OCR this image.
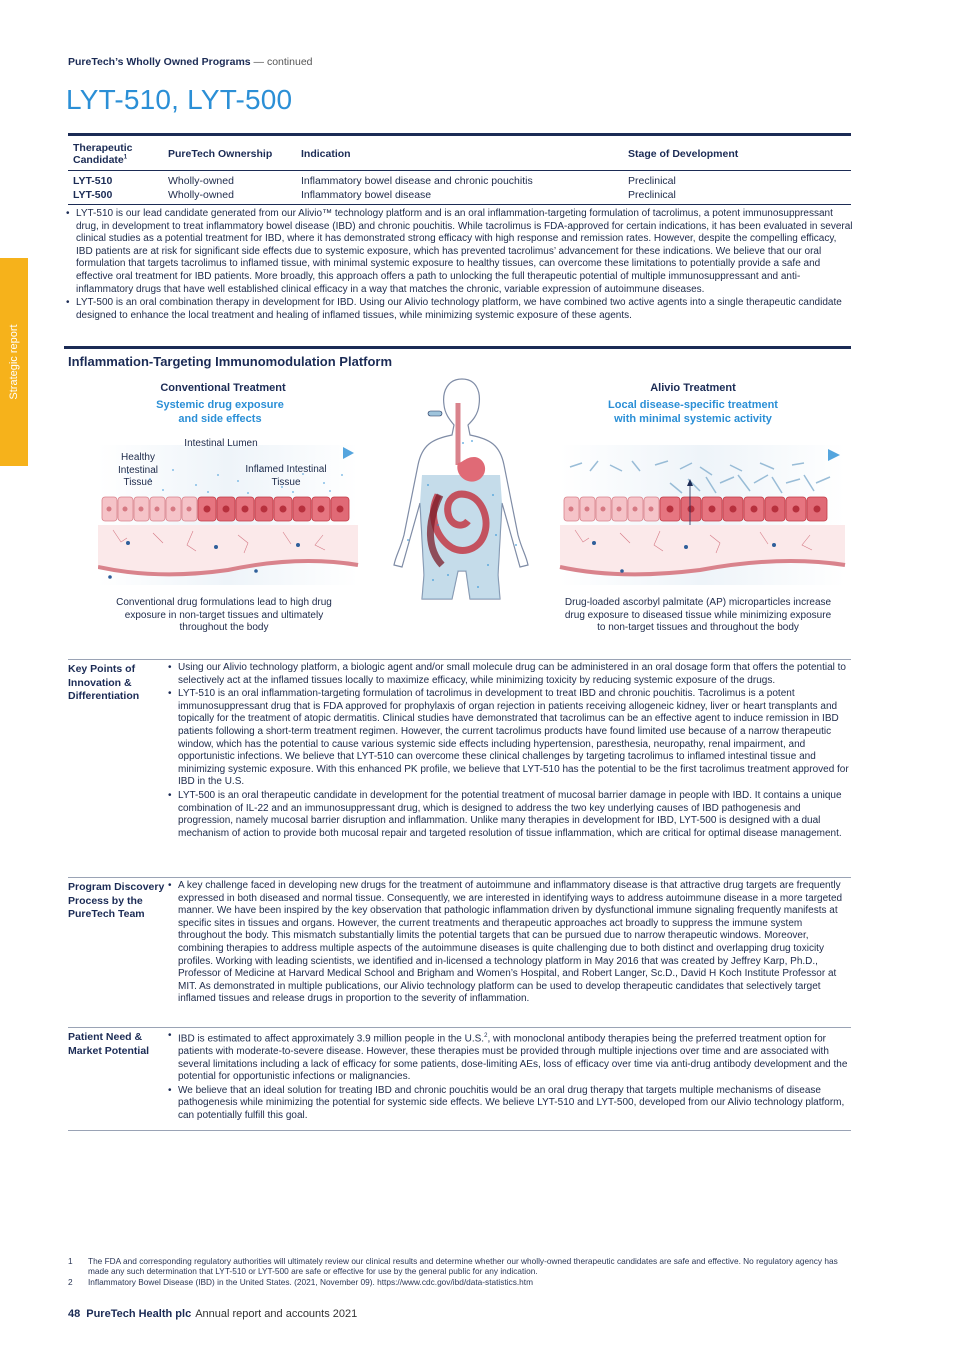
Strategic report
PureTech’s Wholly Owned Programs — continued
LYT-510, LYT-500
Therapeutic Candidate$^1$	PureTech Ownership	Indication	Stage of Development
LYT-510	Wholly-owned	Inflammatory bowel disease and chronic pouchitis	Preclinical
LYT-500	Wholly-owned	Inflammatory bowel disease	Preclinical
• LYT-510 is our lead candidate generated from our Alivio™ technology platform and is an oral inflammation-targeting formulation of tacrolimus, a potent immunosuppressant drug, in development to treat inflammatory bowel disease (IBD) and chronic pouchitis. While tacrolimus is FDA-approved for certain indications, it has been evaluated in several clinical studies as a potential treatment for IBD, where it has demonstrated strong efficacy with high response and remission rates. However, despite the compelling efficacy, IBD patients are at risk for significant side effects due to systemic exposure, which has prevented tacrolimus’ advancement for these indications. We believe that our oral formulation that targets tacrolimus to inflamed tissue, with minimal systemic exposure to healthy tissues, can overcome these limitations to potentially provide a safe and effective oral treatment for IBD patients. More broadly, this approach offers a path to unlocking the full therapeutic potential of multiple immunosuppressant and anti-inflammatory drugs that have well established clinical efficacy in a way that matches the chronic, variable expression of autoimmune diseases.
• LYT-500 is an oral combination therapy in development for IBD. Using our Alivio technology platform, we have combined two active agents into a single therapeutic candidate designed to enhance the local treatment and healing of inflamed tissues, while minimizing systemic exposure of these agents.
Inflammation-Targeting Immunomodulation Platform
Conventional Treatment
Systemic drug exposure and side effects
Intestinal Lumen
Healthy Intestinal Tissue
Inflamed Intestinal Tissue
Conventional drug formulations lead to high drug exposure in non-target tissues and ultimately throughout the body
Alivio Treatment
Local disease-specific treatment with minimal systemic activity
Drug-loaded ascorbyl palmitate (AP) microparticles increase drug exposure to diseased tissue while minimizing exposure to non-target tissues and throughout the body
Key Points of Innovation & Differentiation
• Using our Alivio technology platform, a biologic agent and/or small molecule drug can be administered in an oral dosage form that offers the potential to selectively act at the inflamed tissues locally to maximize efficacy, while minimizing toxicity by reducing systemic exposure of the drugs.
• LYT-510 is an oral inflammation-targeting formulation of tacrolimus in development to treat IBD and chronic pouchitis. Tacrolimus is a potent immunosuppressant drug that is FDA approved for prophylaxis of organ rejection in patients receiving allogeneic kidney, liver or heart transplants and topically for the treatment of atopic dermatitis. Clinical studies have demonstrated that tacrolimus can be an effective agent to induce remission in IBD patients following a short-term treatment regimen. However, the current tacrolimus products have found limited use because of a narrow therapeutic window, which has the potential to cause various systemic side effects including hypertension, paresthesia, neuropathy, renal impairment, and opportunistic infections. We believe that LYT-510 can overcome these clinical challenges by targeting tacrolimus to inflamed intestinal tissue and minimizing systemic exposure. With this enhanced PK profile, we believe that LYT-510 has the potential to be the first tacrolimus treatment approved for IBD in the U.S.
• LYT-500 is an oral therapeutic candidate in development for the potential treatment of mucosal barrier damage in people with IBD. It contains a unique combination of IL-22 and an immunosuppressant drug, which is designed to address the two key underlying causes of IBD pathogenesis and progression, namely mucosal barrier disruption and inflammation. Unlike many therapies in development for IBD, LYT-500 is designed with a dual mechanism of action to provide both mucosal repair and targeted resolution of tissue inflammation, which are critical for optimal disease management.
Program Discovery Process by the PureTech Team
• A key challenge faced in developing new drugs for the treatment of autoimmune and inflammatory disease is that attractive drug targets are frequently expressed in both diseased and normal tissue. Consequently, we are interested in identifying ways to address autoimmune disease in a more targeted manner. We have been inspired by the key observation that pathologic inflammation driven by dysfunctional immune signaling frequently manifests at specific sites in tissues and organs. However, the current treatments and therapeutic approaches act broadly to suppress the immune system throughout the body. This mismatch substantially limits the potential targets that can be pursued due to narrow therapeutic windows. Moreover, combining therapies to address multiple aspects of the autoimmune diseases is quite challenging due to both distinct and overlapping drug toxicity profiles. Working with leading scientists, we identified and in-licensed a technology platform in May 2016 that was created by Jeffrey Karp, Ph.D., Professor of Medicine at Harvard Medical School and Brigham and Women’s Hospital, and Robert Langer, Sc.D., David H Koch Institute Professor at MIT. As demonstrated in multiple publications, our Alivio technology platform can be used to develop therapeutic candidates that selectively target inflamed tissues and release drugs in proportion to the severity of inflammation.
Patient Need & Market Potential
• IBD is estimated to affect approximately 3.9 million people in the U.S.$^2$, with monoclonal antibody therapies being the preferred treatment option for patients with moderate-to-severe disease. However, these therapies must be provided through multiple injections over time and are associated with several limitations including a lack of efficacy for some patients, dose-limiting AEs, loss of efficacy over time via anti-drug antibody development and the potential for opportunistic infections or malignancies.
• We believe that an ideal solution for treating IBD and chronic pouchitis would be an oral drug therapy that targets multiple mechanisms of disease pathogenesis while minimizing the potential for systemic side effects. We believe LYT-510 and LYT-500, developed from our Alivio technology platform, can potentially fulfill this goal.
1	The FDA and corresponding regulatory authorities will ultimately review our clinical results and determine whether our wholly-owned therapeutic candidates are safe and effective. No regulatory agency has made any such determination that LYT-510 or LYT-500 are safe or effective for use by the general public for any indication.
2	Inflammatory Bowel Disease (IBD) in the United States. (2021, November 09). https://www.cdc.gov/ibd/data-statistics.htm
48 PureTech Health plc Annual report and accounts 2021
